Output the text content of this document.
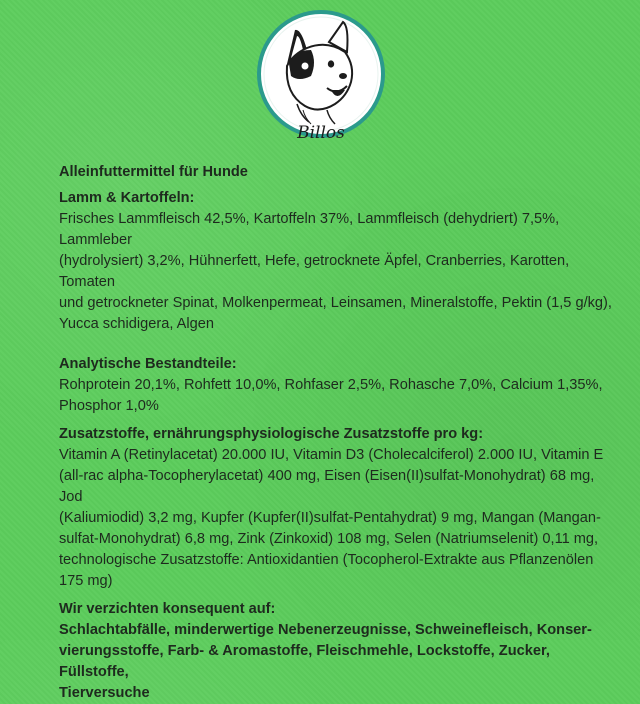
Billos

Alleinfuttermittel für Hunde

Lamm & Kartoffeln:

Frisches Lammfleisch 42,5%, Kartoffeln 37%, Lammfleisch (dehydriert) 7,5%, Lammleber

(hydrolysiert) 3,2%, Hühnerfett, Hefe, getrocknete Äpfel, Cranberries, Karotten, Tomaten

und getrockneter Spinat, Molkenpermeat, Leinsamen, Mineralstoffe, Pektin (1,5 g/kg),

Yucca schidigera, Algen

Analytische Bestandteile:

Rohprotein 20,1%, Rohfett 10,0%, Rohfaser 2,5%, Rohasche 7,0%, Calcium 1,35%,

Phosphor 1,0%

Zusatzstoffe, ernährungsphysiologische Zusatzstoffe pro kg:

Vitamin A (Retinylacetat) 20.000 IU, Vitamin D3 (Cholecalciferol) 2.000 IU, Vitamin E

(all-rac alpha-Tocopherylacetat) 400 mg, Eisen (Eisen(II)sulfat-Monohydrat) 68 mg, Jod

(Kaliumiodid) 3,2 mg, Kupfer (Kupfer(II)sulfat-Pentahydrat) 9 mg, Mangan (Mangan-

sulfat-Monohydrat) 6,8 mg, Zink (Zinkoxid) 108 mg, Selen (Natriumselenit) 0,11 mg,

technologische Zusatzstoffe: Antioxidantien (Tocopherol-Extrakte aus Pflanzenölen

175 mg)

Wir verzichten konsequent auf:

Schlachtabfälle, minderwertige Nebenerzeugnisse, Schweinefleisch, Konser-

vierungsstoffe, Farb- & Aromastoffe, Fleischmehle, Lockstoffe, Zucker, Füllstoffe,

Tierversuche
